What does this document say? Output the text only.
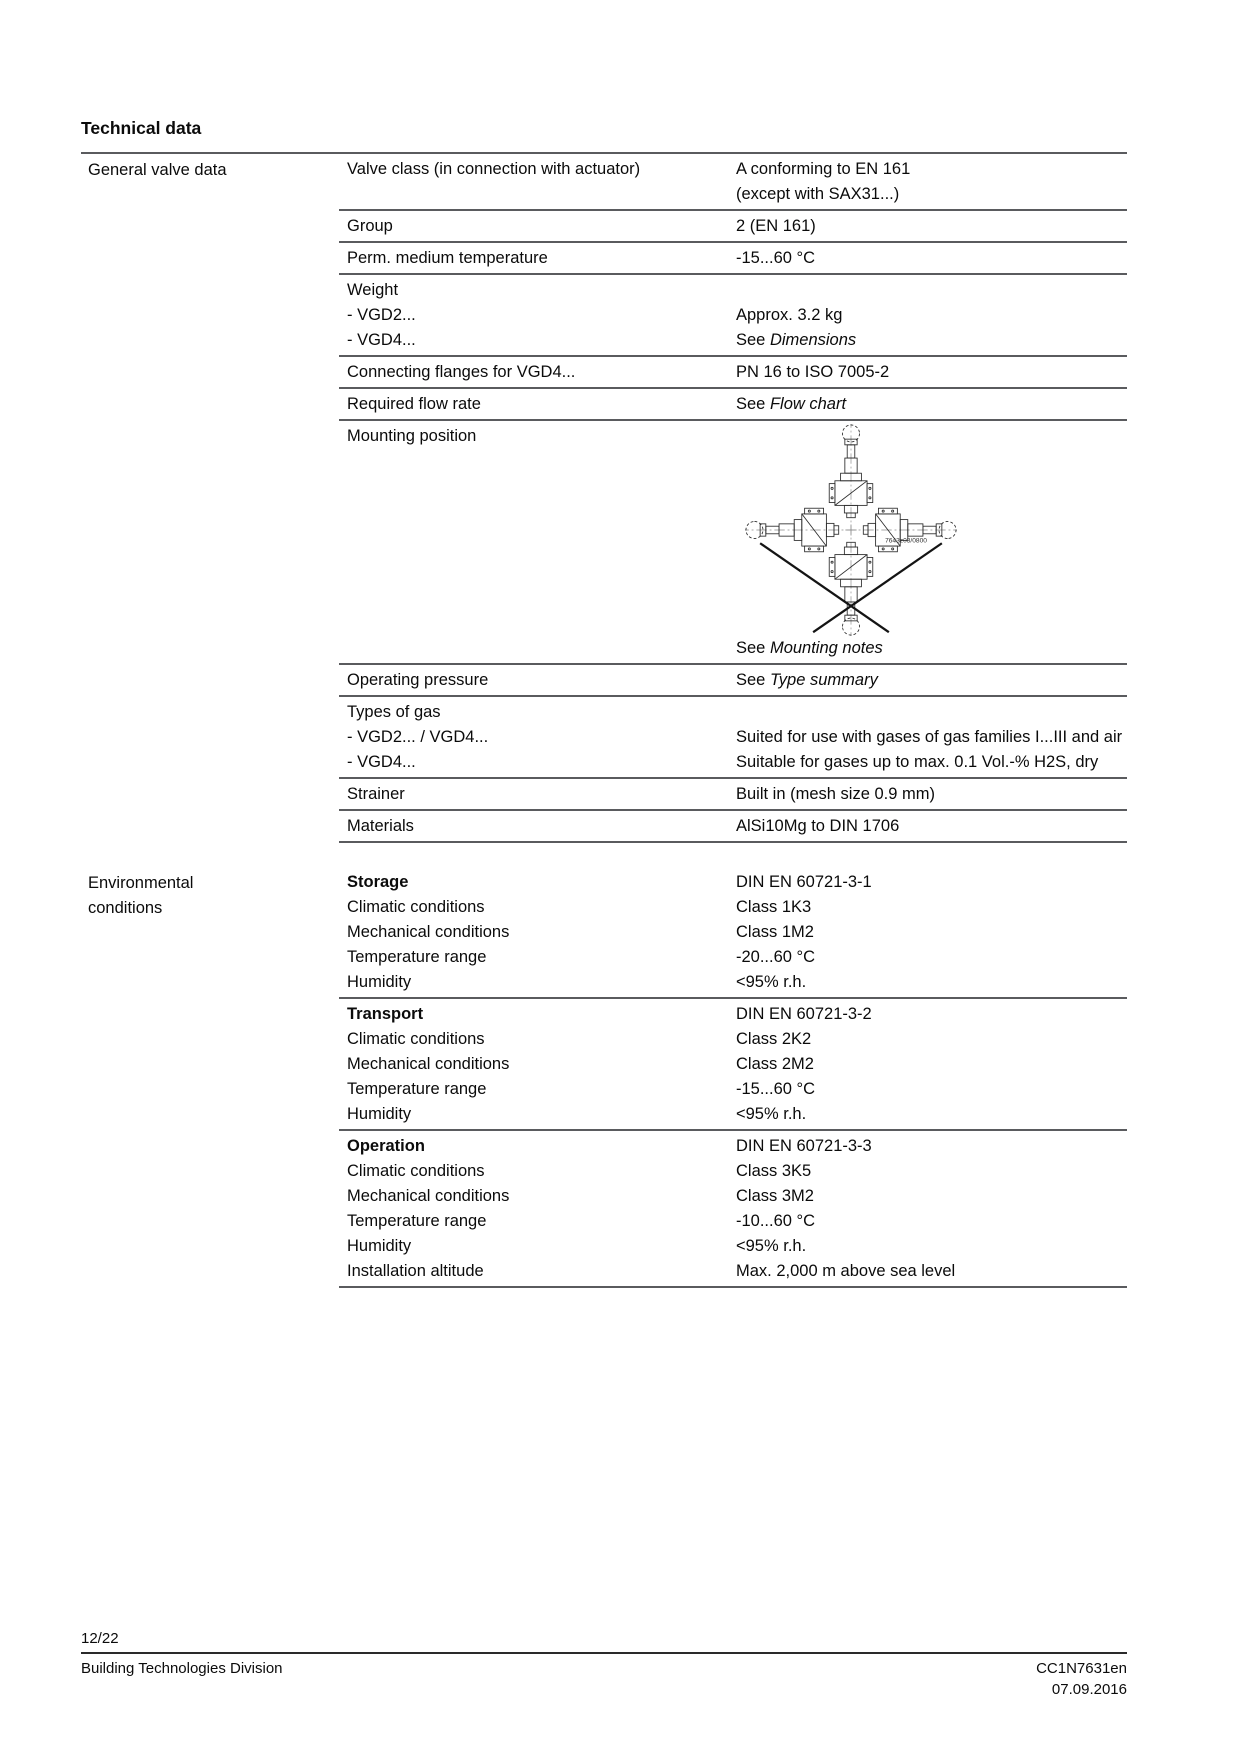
Technical data
General valve data	Valve class (in connection with actuator)	A conforming to EN 161
(except with SAX31...)
Group	2 (EN 161)
Perm. medium temperature	-15...60 °C
Weight
- VGD2...	Approx. 3.2 kg
- VGD4...	See Dimensions
Connecting flanges for VGD4...	PN 16 to ISO 7005-2
Required flow rate	See Flow chart
Mounting position
7643z03/0800
See Mounting notes
Operating pressure	See Type summary
Types of gas
- VGD2... / VGD4...	Suited for use with gases of gas families I...III and air
- VGD4...	Suitable for gases up to max. 0.1 Vol.-% H2S, dry
Strainer	Built in (mesh size 0.9 mm)
Materials	AlSi10Mg to DIN 1706
Environmental
conditions
Storage	DIN EN 60721-3-1
Climatic conditions	Class 1K3
Mechanical conditions	Class 1M2
Temperature range	-20...60 °C
Humidity	<95% r.h.
Transport	DIN EN 60721-3-2
Climatic conditions	Class 2K2
Mechanical conditions	Class 2M2
Temperature range	-15...60 °C
Humidity	<95% r.h.
Operation	DIN EN 60721-3-3
Climatic conditions	Class 3K5
Mechanical conditions	Class 3M2
Temperature range	-10...60 °C
Humidity	<95% r.h.
Installation altitude	Max. 2,000 m above sea level
12/22
Building Technologies Division	CC1N7631en
07.09.2016
